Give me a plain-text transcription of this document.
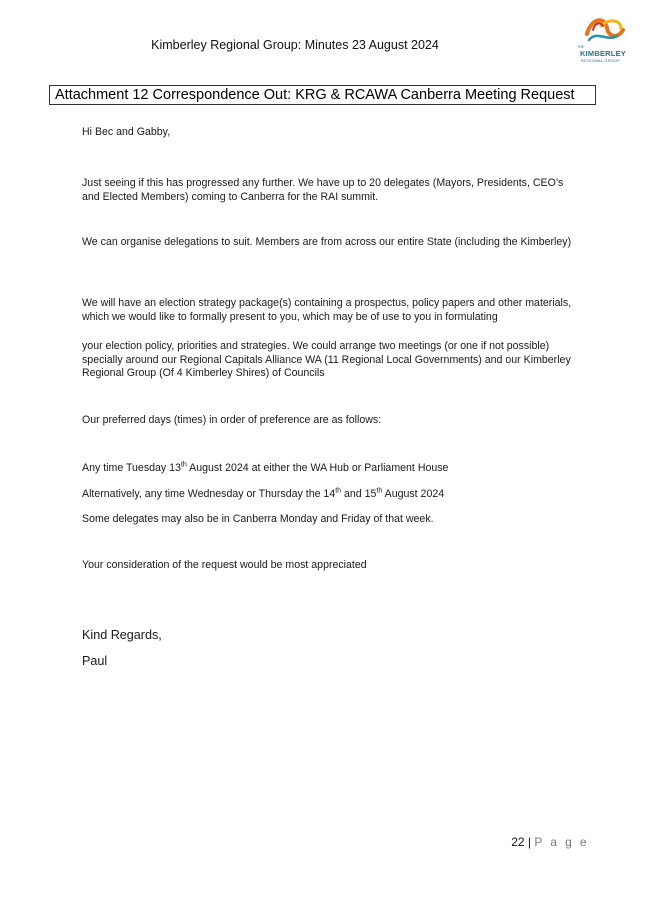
Kimberley Regional Group: Minutes 23 August 2024	THE
KIMBERLEY
REGIONAL GROUP
Attachment 12 Correspondence Out: KRG & RCAWA Canberra Meeting Request
Hi Bec and Gabby,
Just seeing if this has progressed any further. We have up to 20 delegates (Mayors, Presidents, CEO’s and Elected Members) coming to Canberra for the RAI summit.
We can organise delegations to suit. Members are from across our entire State (including the Kimberley)
We will have an election strategy package(s) containing a prospectus, policy papers and other materials, which we would like to formally present to you, which may be of use to you in formulating
your election policy, priorities and strategies. We could arrange two meetings (or one if not possible) specially around our Regional Capitals Alliance WA (11 Regional Local Governments) and our Kimberley Regional Group (Of 4 Kimberley Shires) of Councils
Our preferred days (times) in order of preference are as follows:
Any time Tuesday 13th August 2024 at either the WA Hub or Parliament House
Alternatively, any time Wednesday or Thursday the 14th and 15th August 2024
Some delegates may also be in Canberra Monday and Friday of that week.
Your consideration of the request would be most appreciated
Kind Regards,
Paul
22 | P a g e
